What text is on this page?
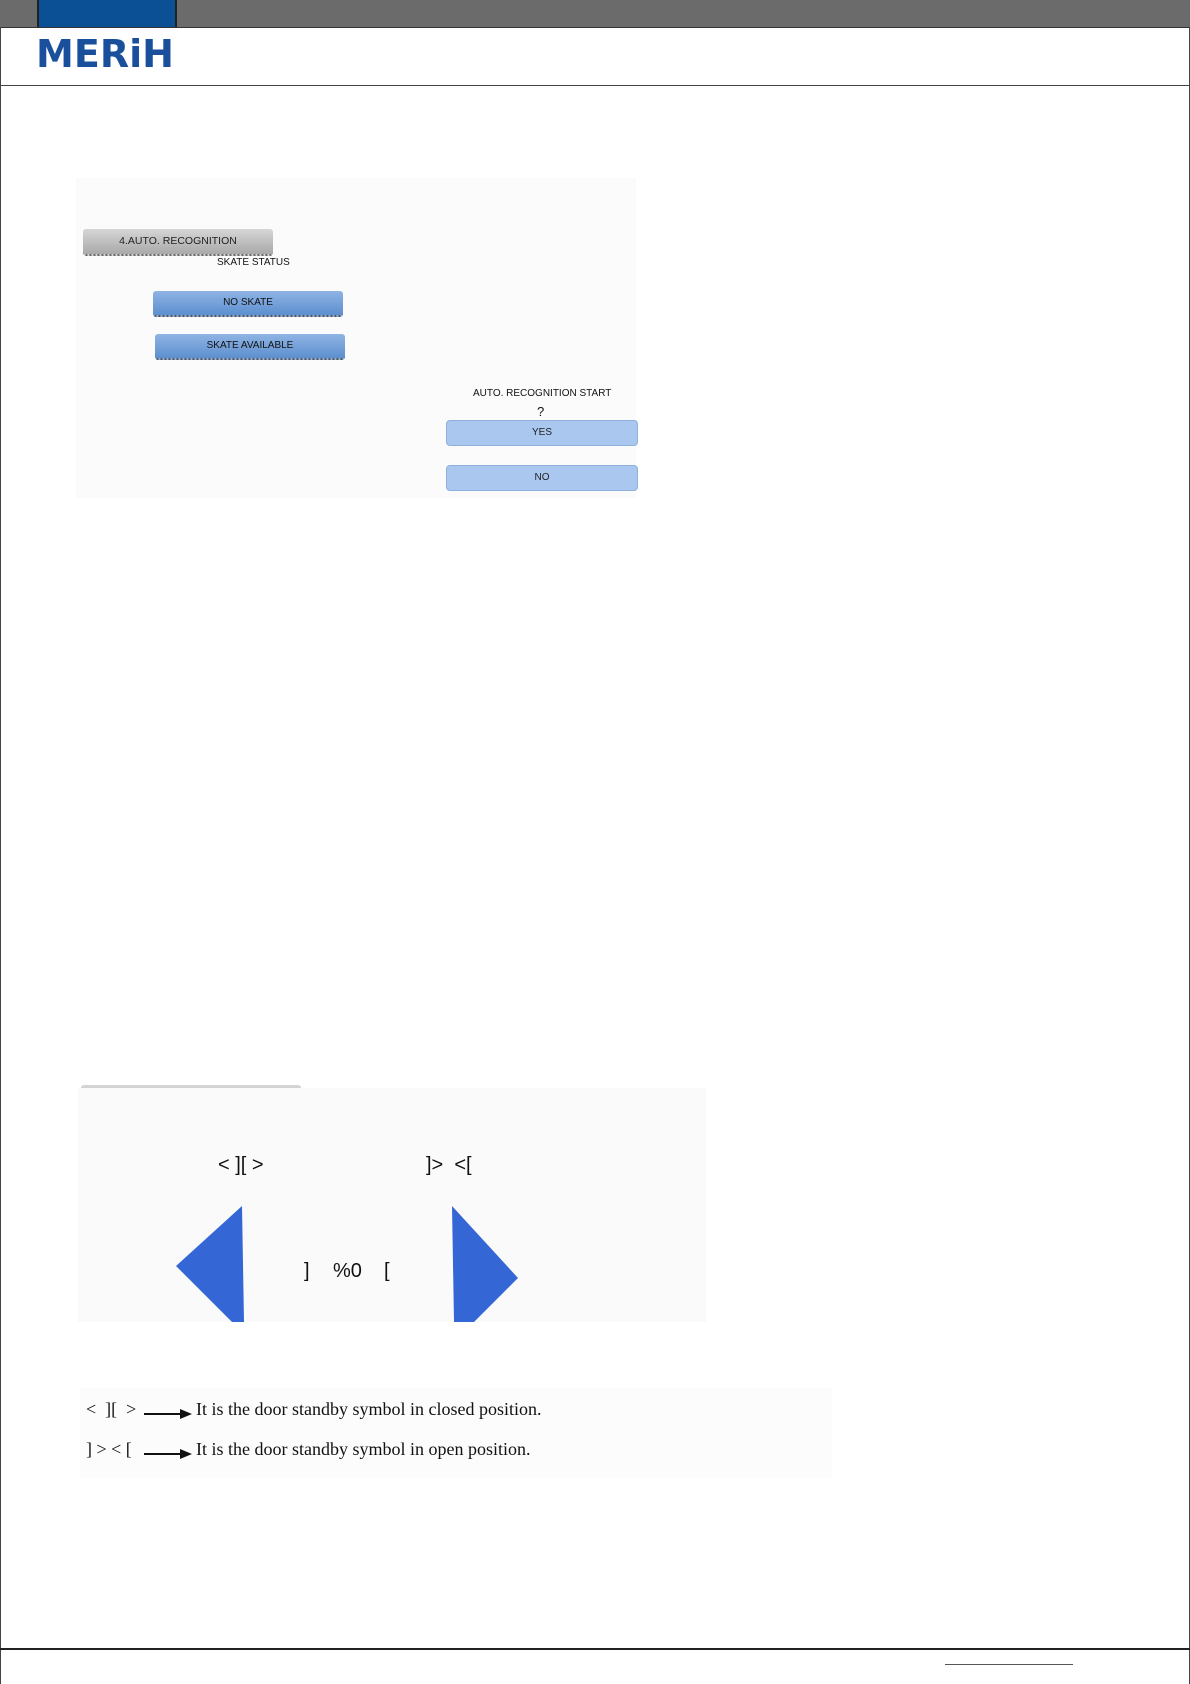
MERiH
4.AUTO. RECOGNITION
SKATE STATUS
NO SKATE
SKATE AVAILABLE
AUTO. RECOGNITION START
?
YES
NO
< ][ >	]>  <[
] %0 [
<  ][  >	It is the door standby symbol in closed position.
] > < [	It is the door standby symbol in open position.
